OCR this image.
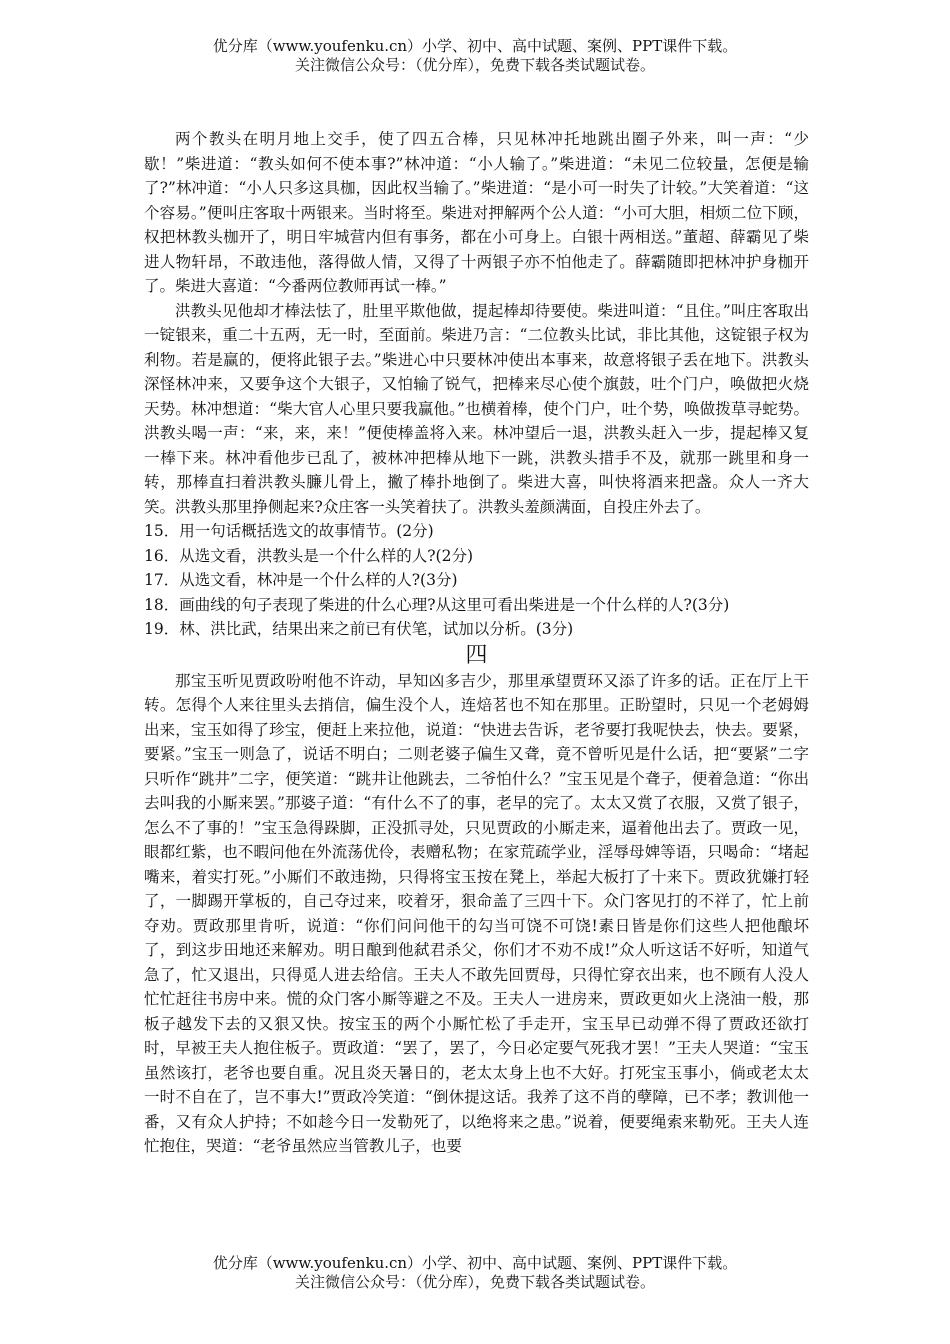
优分库（www.youfenku.cn）小学、初中、高中试题、案例、PPT课件下载。
关注微信公众号：（优分库），免费下载各类试题试卷。

两个教头在明月地上交手，使了四五合棒，只见林冲托地跳出圈子外来，叫一声：“少歇！”柴进道：“教头如何不使本事?”林冲道：“小人输了。”柴进道：“未见二位较量，怎便是输了?”林冲道：“小人只多这具枷，因此权当输了。”柴进道：“是小可一时失了计较。”大笑着道：“这个容易。”便叫庄客取十两银来。当时将至。柴进对押解两个公人道：“小可大胆，相烦二位下顾，权把林教头枷开了，明日牢城营内但有事务，都在小可身上。白银十两相送。”董超、薛霸见了柴进人物轩昂，不敢违他，落得做人情，又得了十两银子亦不怕他走了。薛霸随即把林冲护身枷开了。柴进大喜道：“今番两位教师再试一棒。”

洪教头见他却才棒法怯了，肚里平欺他做，提起棒却待要使。柴进叫道：“且住。”叫庄客取出一锭银来，重二十五两，无一时，至面前。柴进乃言：“二位教头比试，非比其他，这锭银子权为利物。若是赢的，便将此银子去。”柴进心中只要林冲使出本事来，故意将银子丢在地下。洪教头深怪林冲来，又要争这个大银子，又怕输了锐气，把棒来尽心使个旗鼓，吐个门户，唤做把火烧天势。林冲想道：“柴大官人心里只要我赢他。”也横着棒，使个门户，吐个势，唤做拨草寻蛇势。洪教头喝一声：“来，来，来！”便使棒盖将入来。林冲望后一退，洪教头赶入一步，提起棒又复一棒下来。林冲看他步已乱了，被林冲把棒从地下一跳，洪教头措手不及，就那一跳里和身一转，那棒直扫着洪教头臁儿骨上，撇了棒扑地倒了。柴进大喜，叫快将酒来把盏。众人一齐大笑。洪教头那里挣侧起来?众庄客一头笑着扶了。洪教头羞颜满面，自投庄外去了。

15．用一句话概括选文的故事情节。(2分)

16．从选文看，洪教头是一个什么样的人?(2分)

17．从选文看，林冲是一个什么样的人?(3分)

18．画曲线的句子表现了柴进的什么心理?从这里可看出柴进是一个什么样的人?(3分)

19．林、洪比武，结果出来之前已有伏笔，试加以分析。(3分)

四

那宝玉听见贾政吩咐他不许动，早知凶多吉少，那里承望贾环又添了许多的话。正在厅上干转。怎得个人来往里头去捎信，偏生没个人，连焙茗也不知在那里。正盼望时，只见一个老姆姆出来，宝玉如得了珍宝，便赶上来拉他，说道：“快进去告诉，老爷要打我呢快去，快去。要紧，要紧。”宝玉一则急了，说话不明白；二则老婆子偏生又聋，竟不曾听见是什么话，把“要紧”二字只听作“跳井”二字，便笑道：“跳井让他跳去，二爷怕什么？”宝玉见是个聋子，便着急道：“你出去叫我的小厮来罢。”那婆子道：“有什么不了的事，老早的完了。太太又赏了衣服，又赏了银子，怎么不了事的！”宝玉急得跺脚，正没抓寻处，只见贾政的小厮走来，逼着他出去了。贾政一见，眼都红紫，也不暇问他在外流荡优伶，表赠私物；在家荒疏学业，淫辱母婢等语，只喝命：“堵起嘴来，着实打死。”小厮们不敢违拗，只得将宝玉按在凳上，举起大板打了十来下。贾政犹嫌打轻了，一脚踢开掌板的，自己夺过来，咬着牙，狠命盖了三四十下。众门客见打的不祥了，忙上前夺劝。贾政那里肯听，说道：“你们问问他干的勾当可饶不可饶!素日皆是你们这些人把他酿坏了，到这步田地还来解劝。明日酿到他弑君杀父，你们才不劝不成!”众人听这话不好听，知道气急了，忙又退出，只得觅人进去给信。王夫人不敢先回贾母，只得忙穿衣出来，也不顾有人没人忙忙赶往书房中来。慌的众门客小厮等避之不及。王夫人一进房来，贾政更如火上浇油一般，那板子越发下去的又狠又快。按宝玉的两个小厮忙松了手走开，宝玉早已动弹不得了贾政还欲打时，早被王夫人抱住板子。贾政道：“罢了，罢了，今日必定要气死我才罢！”王夫人哭道：“宝玉虽然该打，老爷也要自重。况且炎天暑日的，老太太身上也不大好。打死宝玉事小，倘或老太太一时不自在了，岂不事大!”贾政冷笑道：“倒休提这话。我养了这不肖的孽障，已不孝；教训他一番，又有众人护持；不如趁今日一发勒死了，以绝将来之患。”说着，便要绳索来勒死。王夫人连忙抱住，哭道：“老爷虽然应当管教儿子，也要

优分库（www.youfenku.cn）小学、初中、高中试题、案例、PPT课件下载。
关注微信公众号：（优分库），免费下载各类试题试卷。
